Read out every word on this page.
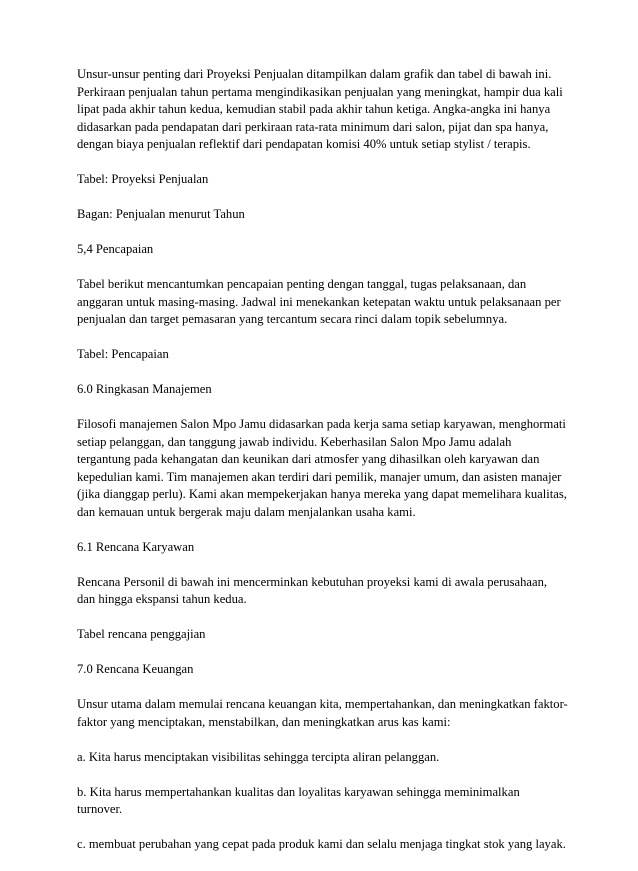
Unsur-unsur penting dari Proyeksi Penjualan ditampilkan dalam grafik dan tabel di bawah ini.
Perkiraan penjualan tahun pertama mengindikasikan penjualan yang meningkat, hampir dua kali
lipat pada akhir tahun kedua, kemudian stabil pada akhir tahun ketiga. Angka-angka ini hanya
didasarkan pada pendapatan dari perkiraan rata-rata minimum dari salon, pijat dan spa hanya,
dengan biaya penjualan reflektif dari pendapatan komisi 40% untuk setiap stylist / terapis.

Tabel: Proyeksi Penjualan

Bagan: Penjualan menurut Tahun

5,4 Pencapaian

Tabel berikut mencantumkan pencapaian penting dengan tanggal, tugas pelaksanaan, dan
anggaran untuk masing-masing. Jadwal ini menekankan ketepatan waktu untuk pelaksanaan per
penjualan dan target pemasaran yang tercantum secara rinci dalam topik sebelumnya.

Tabel: Pencapaian

6.0 Ringkasan Manajemen

Filosofi manajemen Salon Mpo Jamu didasarkan pada kerja sama setiap karyawan, menghormati
setiap pelanggan, dan tanggung jawab individu. Keberhasilan Salon Mpo Jamu adalah
tergantung pada kehangatan dan keunikan dari atmosfer yang dihasilkan oleh karyawan dan
kepedulian kami. Tim manajemen akan terdiri dari pemilik, manajer umum, dan asisten manajer
(jika dianggap perlu). Kami akan mempekerjakan hanya mereka yang dapat memelihara kualitas,
dan kemauan untuk bergerak maju dalam menjalankan usaha kami.

6.1 Rencana Karyawan

Rencana Personil di bawah ini mencerminkan kebutuhan proyeksi kami di awala perusahaan,
dan hingga ekspansi tahun kedua.

Tabel rencana penggajian

7.0 Rencana Keuangan

Unsur utama dalam memulai rencana keuangan kita, mempertahankan, dan meningkatkan faktor-
faktor yang menciptakan, menstabilkan, dan meningkatkan arus kas kami:

a. Kita harus menciptakan visibilitas sehingga tercipta aliran pelanggan.

b. Kita harus mempertahankan kualitas dan loyalitas karyawan sehingga meminimalkan
turnover.

c. membuat perubahan yang cepat pada produk kami dan selalu menjaga tingkat stok yang layak.
